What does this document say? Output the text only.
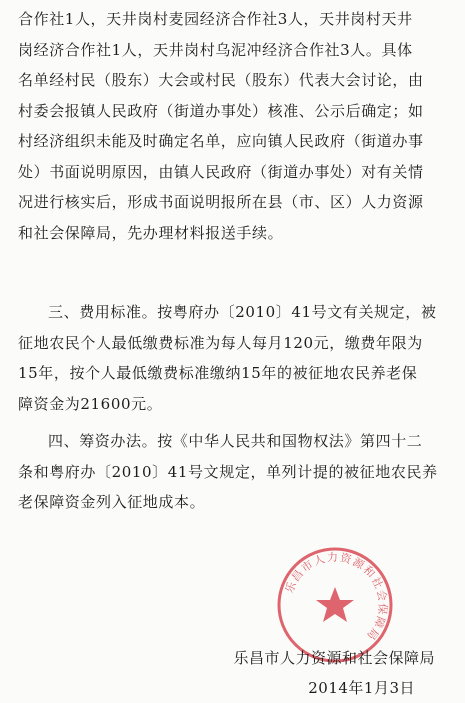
合作社1人，天井岗村麦园经济合作社3人，天井岗村天井
岗经济合作社1人，天井岗村乌泥冲经济合作社3人。具体
名单经村民（股东）大会或村民（股东）代表大会讨论，由
村委会报镇人民政府（街道办事处）核准、公示后确定；如
村经济组织未能及时确定名单，应向镇人民政府（街道办事
处）书面说明原因，由镇人民政府（街道办事处）对有关情
况进行核实后，形成书面说明报所在县（市、区）人力资源
和社会保障局，先办理材料报送手续。
三、费用标准。按粤府办〔2010〕41号文有关规定，被
征地农民个人最低缴费标准为每人每月120元，缴费年限为
15年，按个人最低缴费标准缴纳15年的被征地农民养老保
障资金为21600元。
四、筹资办法。按《中华人民共和国物权法》第四十二
条和粤府办〔2010〕41号文规定，单列计提的被征地农民养
老保障资金列入征地成本。
乐昌市人力资源和社会保障局
乐昌市人力资源和社会保障局
2014年1月3日
